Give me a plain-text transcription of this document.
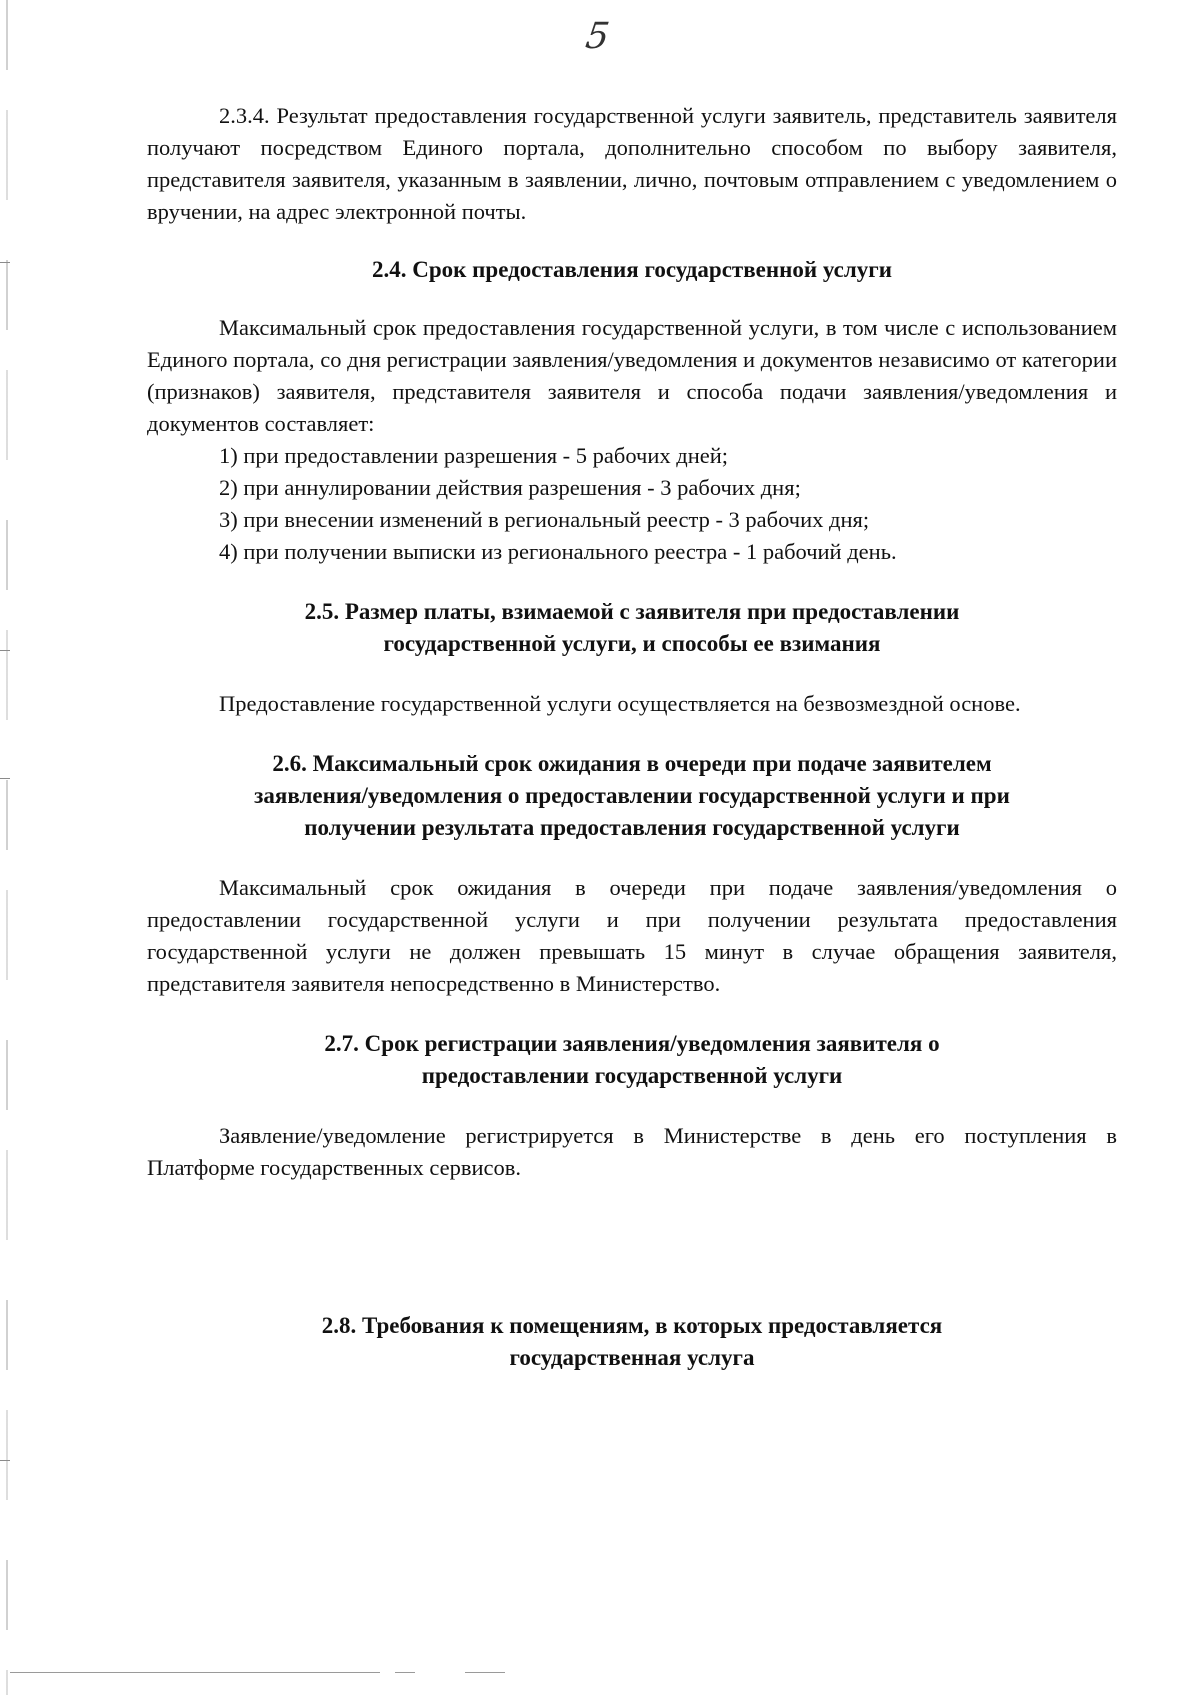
5

2.3.4. Результат предоставления государственной услуги заявитель, представитель заявителя получают посредством Единого портала, дополнительно способом по выбору заявителя, представителя заявителя, указанным в заявлении, лично, почтовым отправлением с уведомлением о вручении, на адрес электронной почты.

2.4. Срок предоставления государственной услуги

Максимальный срок предоставления государственной услуги, в том числе с использованием Единого портала, со дня регистрации заявления/уведомления и документов независимо от категории (признаков) заявителя, представителя заявителя и способа подачи заявления/уведомления и документов составляет:

1) при предоставлении разрешения - 5 рабочих дней;

2) при аннулировании действия разрешения - 3 рабочих дня;

3) при внесении изменений в региональный реестр - 3 рабочих дня;

4) при получении выписки из регионального реестра - 1 рабочий день.

2.5. Размер платы, взимаемой с заявителя при предоставлении

государственной услуги, и способы ее взимания

Предоставление государственной услуги осуществляется на безвозмездной основе.

2.6. Максимальный срок ожидания в очереди при подаче заявителем

заявления/уведомления о предоставлении государственной услуги и при

получении результата предоставления государственной услуги

Максимальный срок ожидания в очереди при подаче заявления/уведомления о предоставлении государственной услуги и при получении результата предоставления государственной услуги не должен превышать 15 минут в случае обращения заявителя, представителя заявителя непосредственно в Министерство.

2.7. Срок регистрации заявления/уведомления заявителя о

предоставлении государственной услуги

Заявление/уведомление регистрируется в Министерстве в день его поступления в Платформе государственных сервисов.

2.8. Требования к помещениям, в которых предоставляется

государственная услуга
